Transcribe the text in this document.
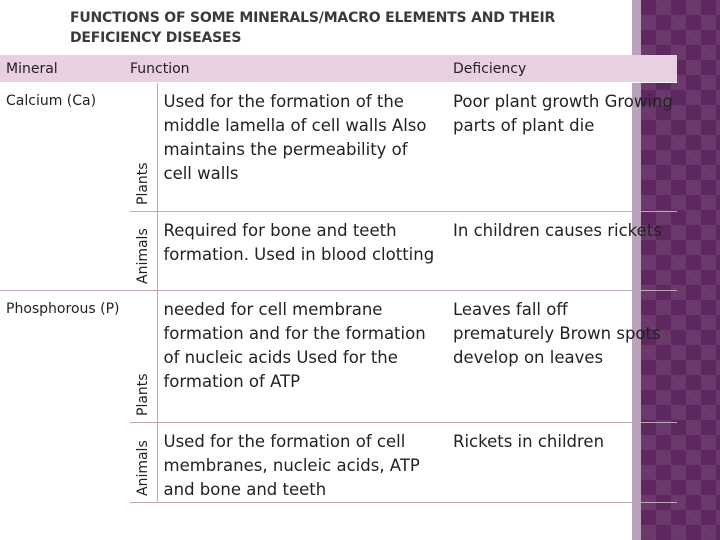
FUNCTIONS OF SOME MINERALS/MACRO ELEMENTS AND THEIR DEFICIENCY DISEASES
Mineral	Function		Deficiency
Calcium (Ca)	Plants	Used for the formation of the middle lamella of cell walls Also maintains the permeability of cell walls	Poor plant growth Growing parts of plant die

	Animals	Required for bone and teeth formation. Used in blood clotting	In children causes rickets
Phosphorous (P)	Plants	needed for cell membrane formation and for the formation of nucleic acids Used for the formation of ATP	Leaves fall off prematurely Brown spots develop on leaves

	Animals	Used for the formation of cell membranes, nucleic acids, ATP and bone and teeth	Rickets in children
